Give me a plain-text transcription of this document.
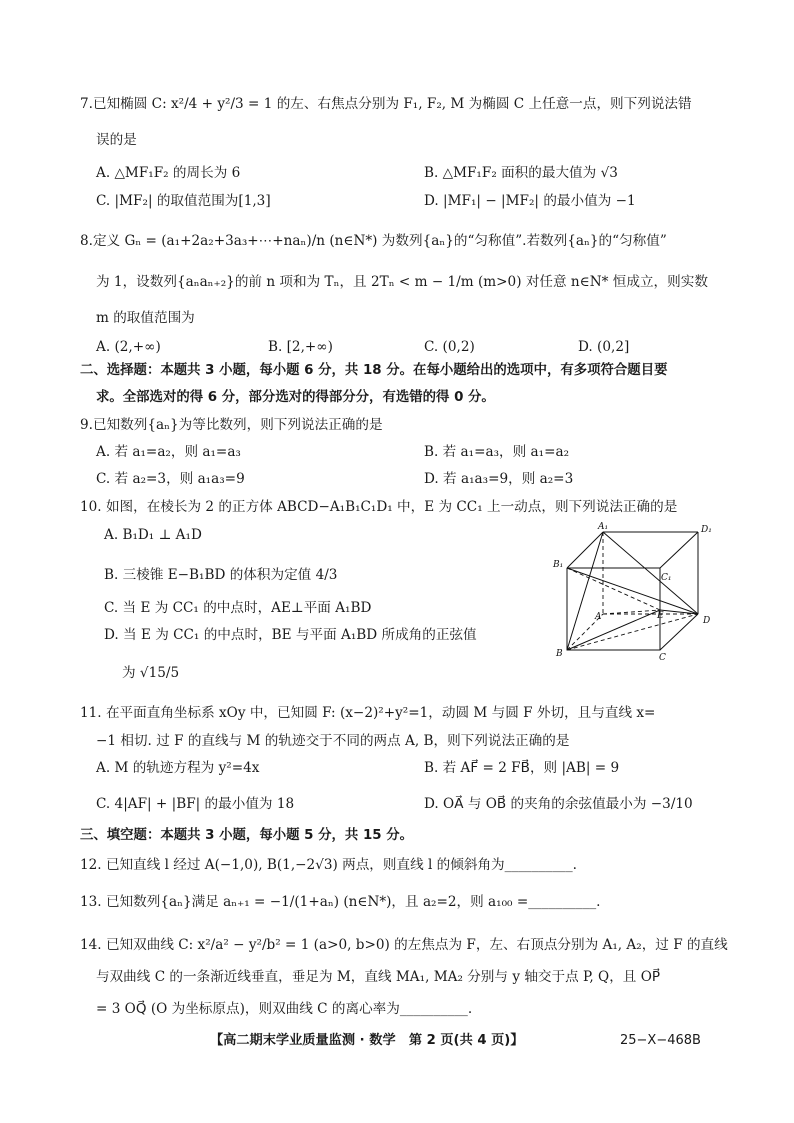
7.已知椭圆 C: x²/4 + y²/3 = 1 的左、右焦点分别为 F₁, F₂, M 为椭圆 C 上任意一点，则下列说法错
误的是
A. △MF₁F₂ 的周长为 6	B. △MF₁F₂ 面积的最大值为 √3
C. |MF₂| 的取值范围为[1,3]	D. |MF₁| − |MF₂| 的最小值为 −1
8.定义 Gₙ = (a₁+2a₂+3a₃+⋯+naₙ)/n (n∈N*) 为数列{aₙ}的“匀称值”.若数列{aₙ}的“匀称值”
为 1，设数列{aₙaₙ₊₂}的前 n 项和为 Tₙ，且 2Tₙ < m − 1/m (m>0) 对任意 n∈N* 恒成立，则实数
m 的取值范围为
A. (2,+∞)	B. [2,+∞)	C. (0,2)	D. (0,2]
二、选择题：本题共 3 小题，每小题 6 分，共 18 分。在每小题给出的选项中，有多项符合题目要
求。全部选对的得 6 分，部分选对的得部分分，有选错的得 0 分。
9.已知数列{aₙ}为等比数列，则下列说法正确的是
A. 若 a₁=a₂，则 a₁=a₃	B. 若 a₁=a₃，则 a₁=a₂
C. 若 a₂=3，则 a₁a₃=9	D. 若 a₁a₃=9，则 a₂=3
10. 如图，在棱长为 2 的正方体 ABCD−A₁B₁C₁D₁ 中，E 为 CC₁ 上一动点，则下列说法正确的是
A. B₁D₁ ⊥ A₁D
B. 三棱锥 E−B₁BD 的体积为定值 4/3
C. 当 E 为 CC₁ 的中点时，AE⊥平面 A₁BD
D. 当 E 为 CC₁ 的中点时，BE 与平面 A₁BD 所成角的正弦值
为 √15/5
A₁	D₁
B₁
C₁
A	E	D
B	C
11. 在平面直角坐标系 xOy 中，已知圆 F: (x−2)²+y²=1，动圆 M 与圆 F 外切，且与直线 x=
−1 相切. 过 F 的直线与 M 的轨迹交于不同的两点 A, B，则下列说法正确的是
A. M 的轨迹方程为 y²=4x	B. 若 AF⃗ = 2 FB⃗，则 |AB| = 9
C. 4|AF| + |BF| 的最小值为 18	D. OA⃗ 与 OB⃗ 的夹角的余弦值最小为 −3/10
三、填空题：本题共 3 小题，每小题 5 分，共 15 分。
12. 已知直线 l 经过 A(−1,0), B(1,−2√3) 两点，则直线 l 的倾斜角为__________.
13. 已知数列{aₙ}满足 aₙ₊₁ = −1/(1+aₙ) (n∈N*)，且 a₂=2，则 a₁₀₀ =__________.
14. 已知双曲线 C: x²/a² − y²/b² = 1 (a>0, b>0) 的左焦点为 F，左、右顶点分别为 A₁, A₂，过 F 的直线
与双曲线 C 的一条渐近线垂直，垂足为 M，直线 MA₁, MA₂ 分别与 y 轴交于点 P, Q，且 OP⃗
= 3 OQ⃗ (O 为坐标原点)，则双曲线 C 的离心率为__________.
【高二期末学业质量监测 · 数学　第 2 页(共 4 页)】	25−X−468B
